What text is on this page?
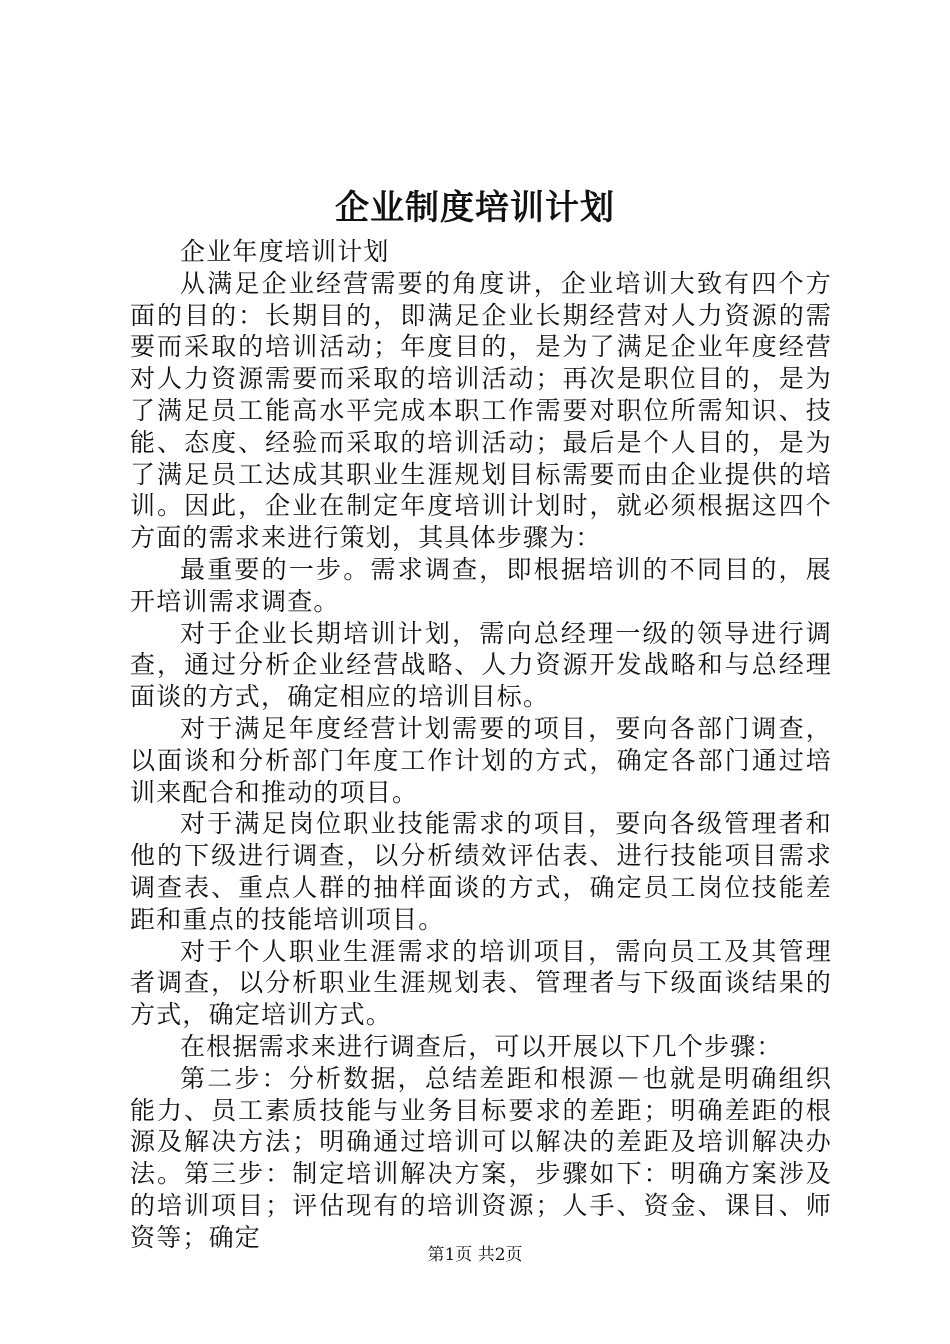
企业制度培训计划

企业年度培训计划

从满足企业经营需要的角度讲，企业培训大致有四个方面的目的：长期目的，即满足企业长期经营对人力资源的需要而采取的培训活动；年度目的，是为了满足企业年度经营对人力资源需要而采取的培训活动；再次是职位目的，是为了满足员工能高水平完成本职工作需要对职位所需知识、技能、态度、经验而采取的培训活动；最后是个人目的，是为了满足员工达成其职业生涯规划目标需要而由企业提供的培训。因此，企业在制定年度培训计划时，就必须根据这四个方面的需求来进行策划，其具体步骤为：

最重要的一步。需求调查，即根据培训的不同目的，展开培训需求调查。

对于企业长期培训计划，需向总经理一级的领导进行调查，通过分析企业经营战略、人力资源开发战略和与总经理面谈的方式，确定相应的培训目标。

对于满足年度经营计划需要的项目，要向各部门调查，以面谈和分析部门年度工作计划的方式，确定各部门通过培训来配合和推动的项目。

对于满足岗位职业技能需求的项目，要向各级管理者和他的下级进行调查，以分析绩效评估表、进行技能项目需求调查表、重点人群的抽样面谈的方式，确定员工岗位技能差距和重点的技能培训项目。

对于个人职业生涯需求的培训项目，需向员工及其管理者调查，以分析职业生涯规划表、管理者与下级面谈结果的方式，确定培训方式。

在根据需求来进行调查后，可以开展以下几个步骤：

第二步：分析数据，总结差距和根源－也就是明确组织能力、员工素质技能与业务目标要求的差距；明确差距的根源及解决方法；明确通过培训可以解决的差距及培训解决办法。第三步：制定培训解决方案，步骤如下：明确方案涉及的培训项目；评估现有的培训资源；人手、资金、课目、师资等；确定

第1页 共2页
